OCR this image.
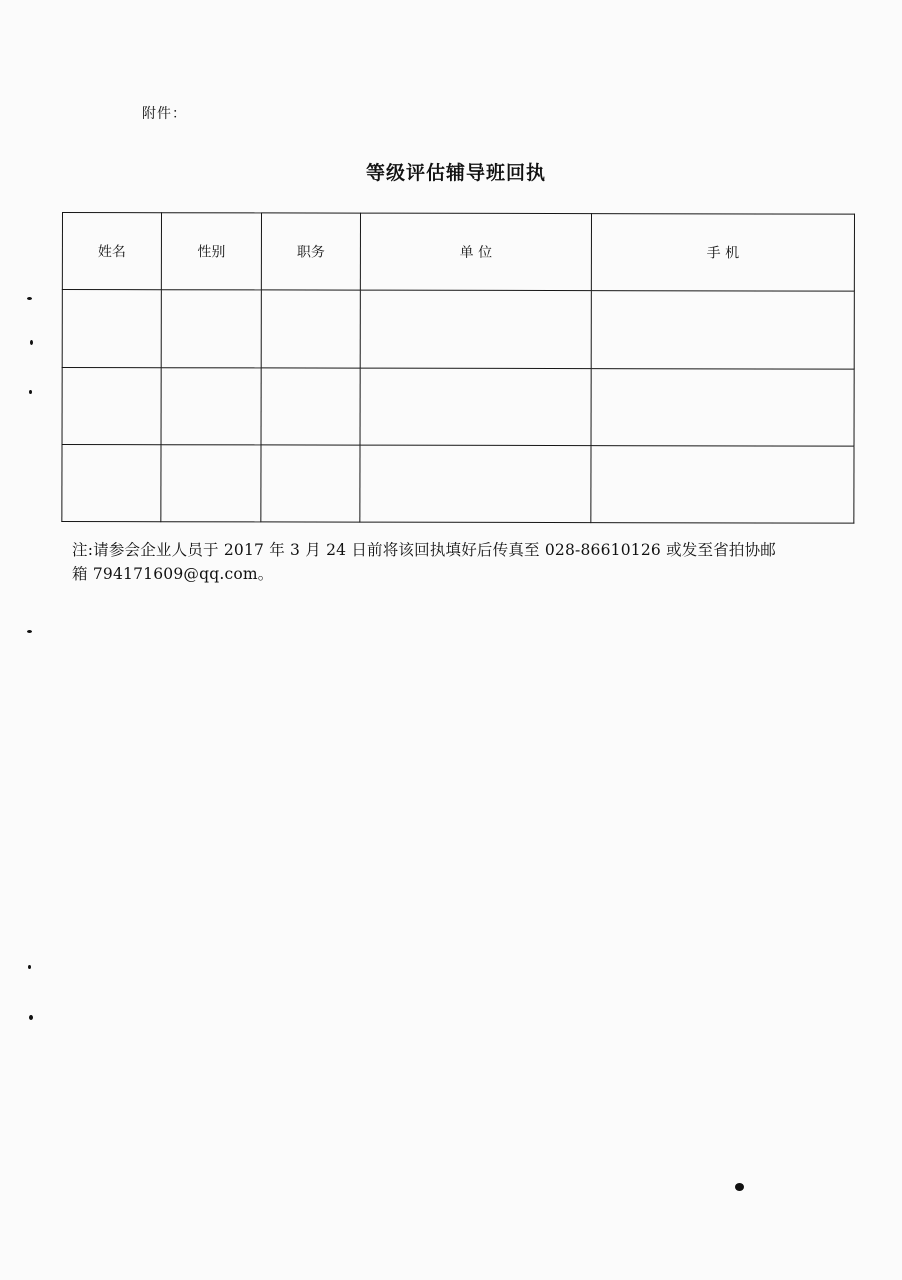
附件：
等级评估辅导班回执
姓名	性别	职务	单 位	手 机

注:请参会企业人员于 2017 年 3 月 24 日前将该回执填好后传真至 028-86610126 或发至省拍协邮
箱 794171609@qq.com。
